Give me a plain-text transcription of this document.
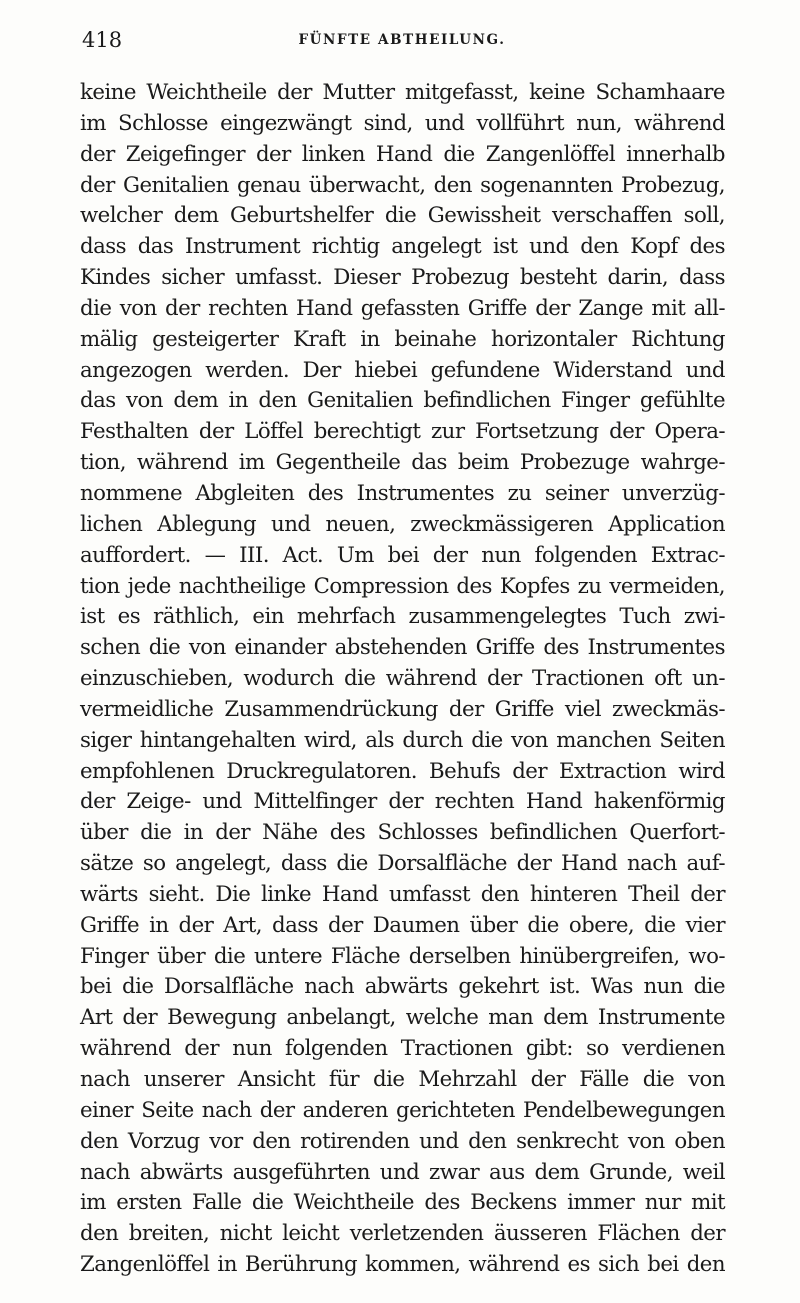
418	FÜNFTE ABTHEILUNG.
keine Weichtheile der Mutter mitgefasst, keine Schamhaare
im Schlosse eingezwängt sind, und vollführt nun, während
der Zeigefinger der linken Hand die Zangenlöffel innerhalb
der Genitalien genau überwacht, den sogenannten Probezug,
welcher dem Geburtshelfer die Gewissheit verschaffen soll,
dass das Instrument richtig angelegt ist und den Kopf des
Kindes sicher umfasst. Dieser Probezug besteht darin, dass
die von der rechten Hand gefassten Griffe der Zange mit all-
mälig gesteigerter Kraft in beinahe horizontaler Richtung
angezogen werden. Der hiebei gefundene Widerstand und
das von dem in den Genitalien befindlichen Finger gefühlte
Festhalten der Löffel berechtigt zur Fortsetzung der Opera-
tion, während im Gegentheile das beim Probezuge wahrge-
nommene Abgleiten des Instrumentes zu seiner unverzüg-
lichen Ablegung und neuen, zweckmässigeren Application
auffordert. — III. Act. Um bei der nun folgenden Extrac-
tion jede nachtheilige Compression des Kopfes zu vermeiden,
ist es räthlich, ein mehrfach zusammengelegtes Tuch zwi-
schen die von einander abstehenden Griffe des Instrumentes
einzuschieben, wodurch die während der Tractionen oft un-
vermeidliche Zusammendrückung der Griffe viel zweckmäs-
siger hintangehalten wird, als durch die von manchen Seiten
empfohlenen Druckregulatoren. Behufs der Extraction wird
der Zeige- und Mittelfinger der rechten Hand hakenförmig
über die in der Nähe des Schlosses befindlichen Querfort-
sätze so angelegt, dass die Dorsalfläche der Hand nach auf-
wärts sieht. Die linke Hand umfasst den hinteren Theil der
Griffe in der Art, dass der Daumen über die obere, die vier
Finger über die untere Fläche derselben hinübergreifen, wo-
bei die Dorsalfläche nach abwärts gekehrt ist. Was nun die
Art der Bewegung anbelangt, welche man dem Instrumente
während der nun folgenden Tractionen gibt: so verdienen
nach unserer Ansicht für die Mehrzahl der Fälle die von
einer Seite nach der anderen gerichteten Pendelbewegungen
den Vorzug vor den rotirenden und den senkrecht von oben
nach abwärts ausgeführten und zwar aus dem Grunde, weil
im ersten Falle die Weichtheile des Beckens immer nur mit
den breiten, nicht leicht verletzenden äusseren Flächen der
Zangenlöffel in Berührung kommen, während es sich bei den
